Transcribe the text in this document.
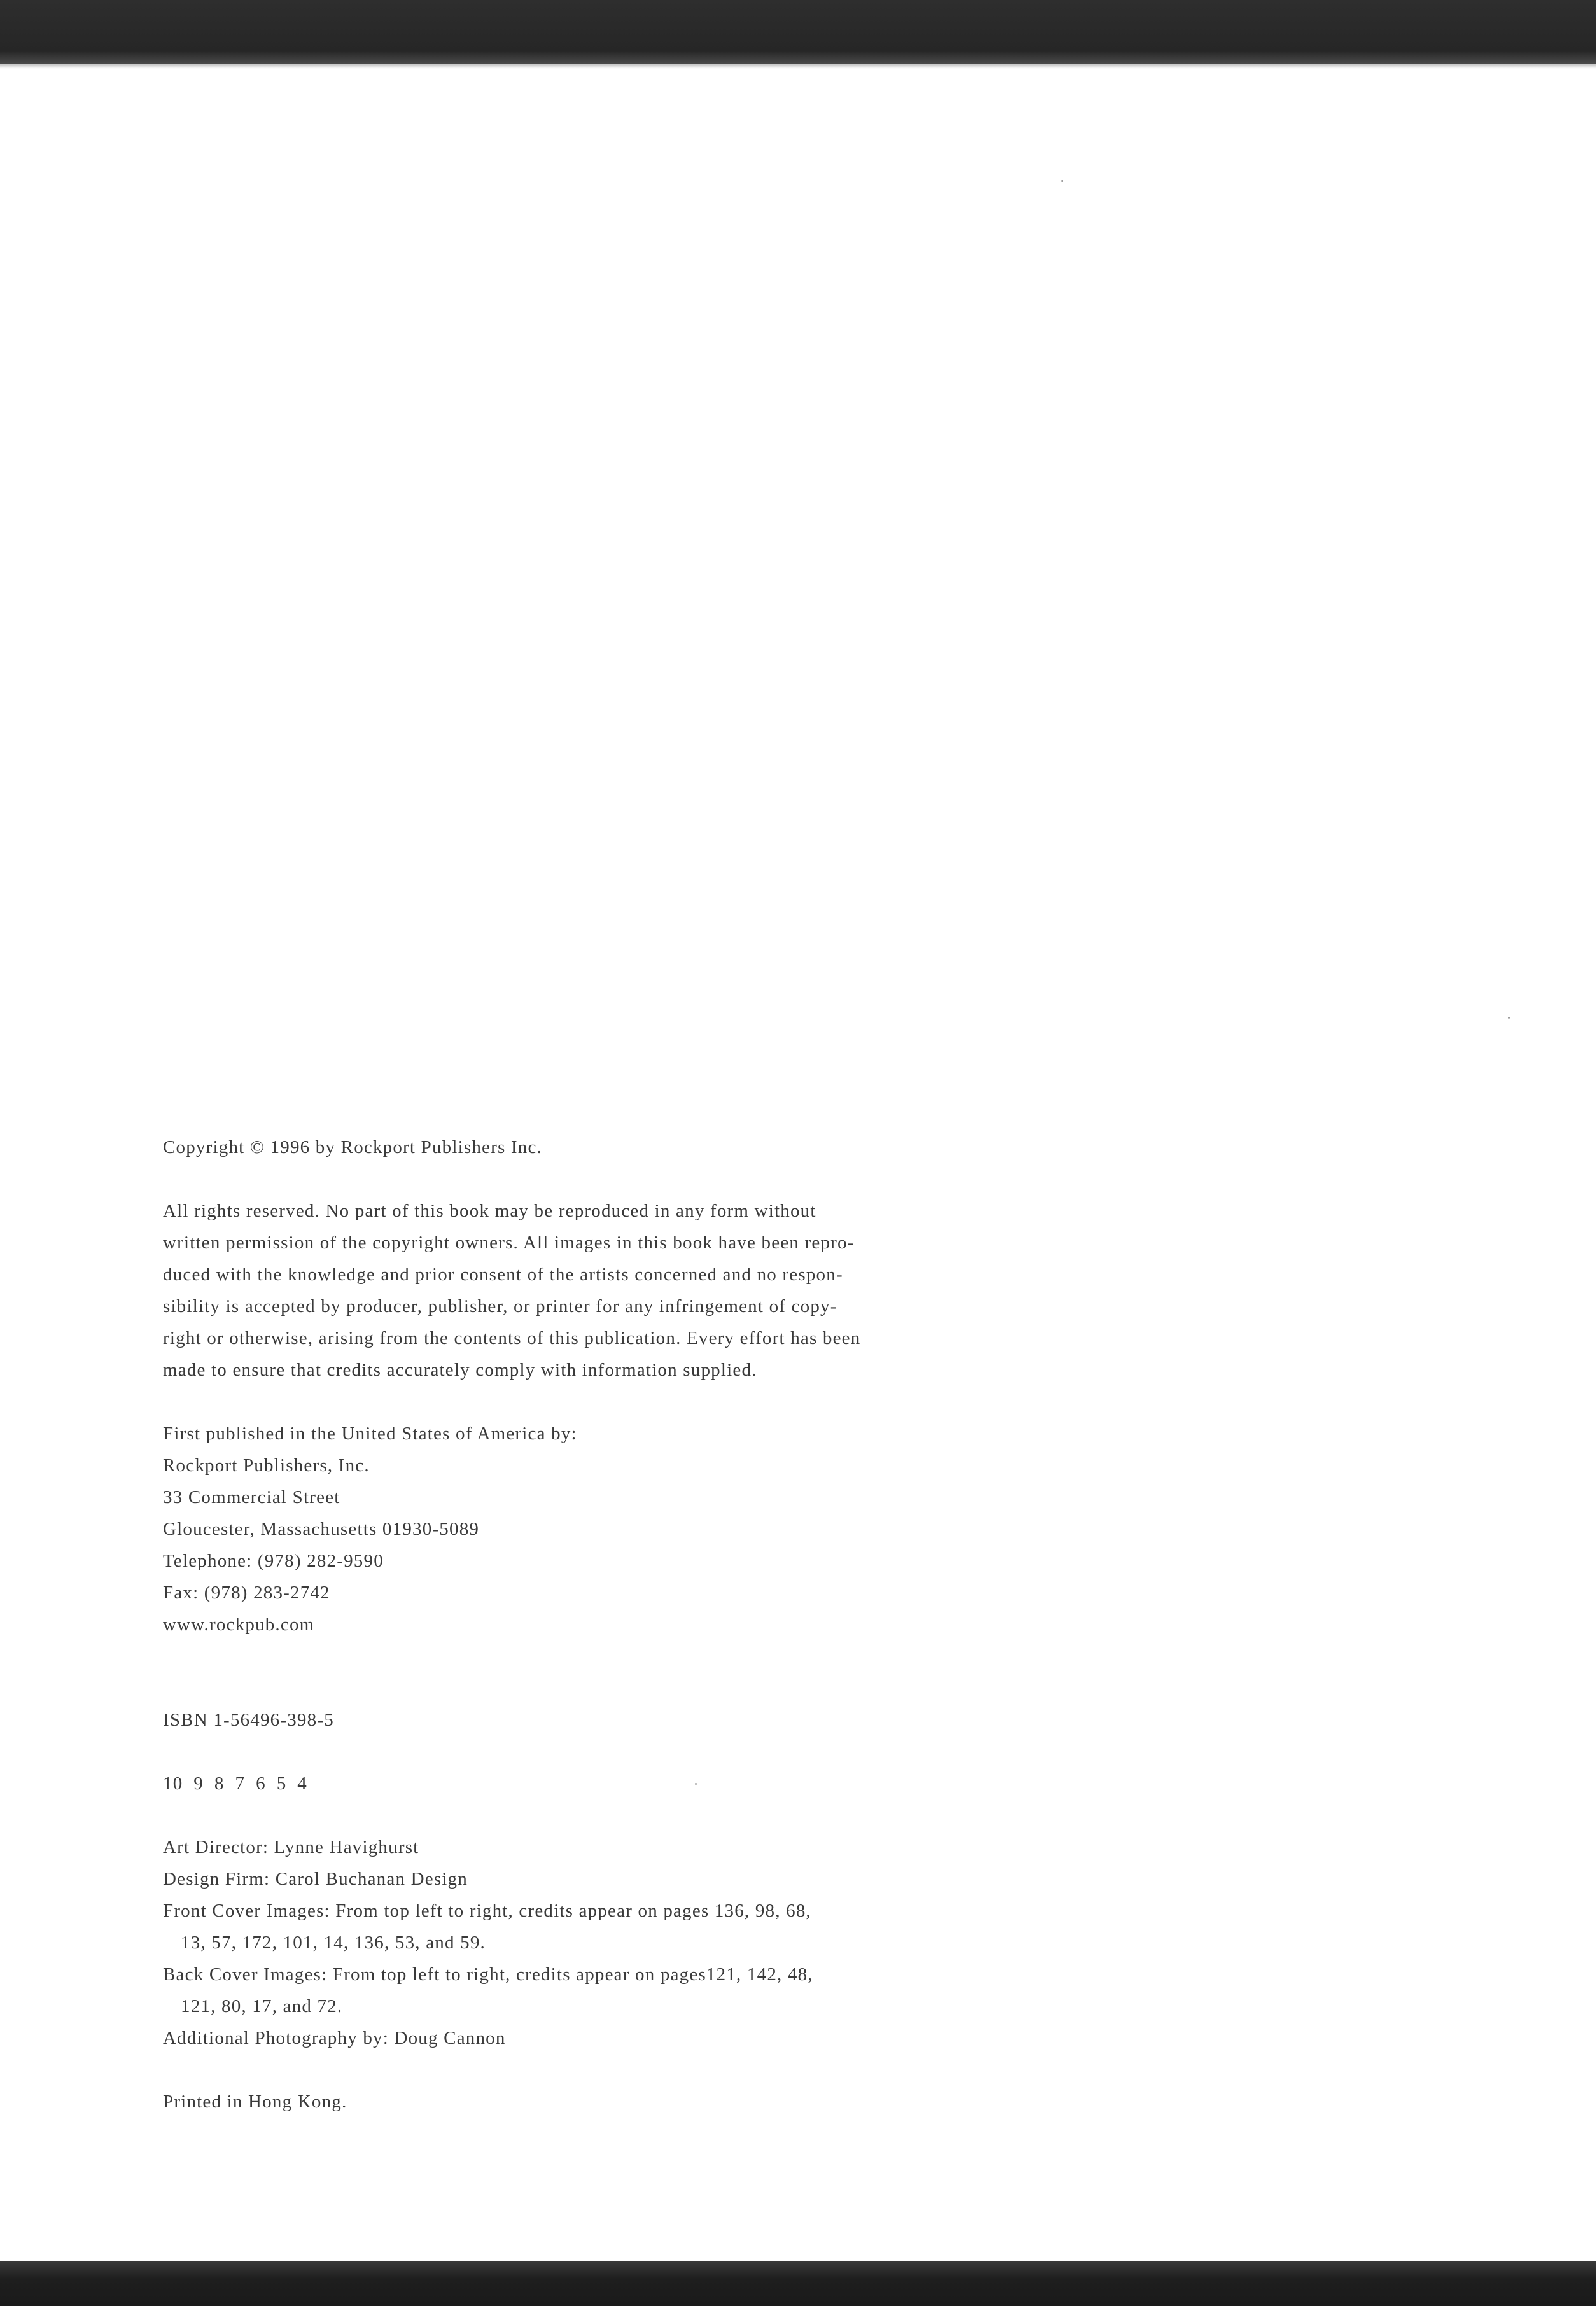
Copyright © 1996 by Rockport Publishers Inc.
All rights reserved. No part of this book may be reproduced in any form without
written permission of the copyright owners. All images in this book have been repro-
duced with the knowledge and prior consent of the artists concerned and no respon-
sibility is accepted by producer, publisher, or printer for any infringement of copy-
right or otherwise, arising from the contents of this publication. Every effort has been
made to ensure that credits accurately comply with information supplied.
First published in the United States of America by:
Rockport Publishers, Inc.
33 Commercial Street
Gloucester, Massachusetts 01930-5089
Telephone: (978) 282-9590
Fax: (978) 283-2742
www.rockpub.com
ISBN 1-56496-398-5
10  9  8  7  6  5  4
Art Director: Lynne Havighurst
Design Firm: Carol Buchanan Design
Front Cover Images: From top left to right, credits appear on pages 136, 98, 68,
13, 57, 172, 101, 14, 136, 53, and 59.
Back Cover Images: From top left to right, credits appear on pages121, 142, 48,
121, 80, 17, and 72.
Additional Photography by: Doug Cannon
Printed in Hong Kong.
